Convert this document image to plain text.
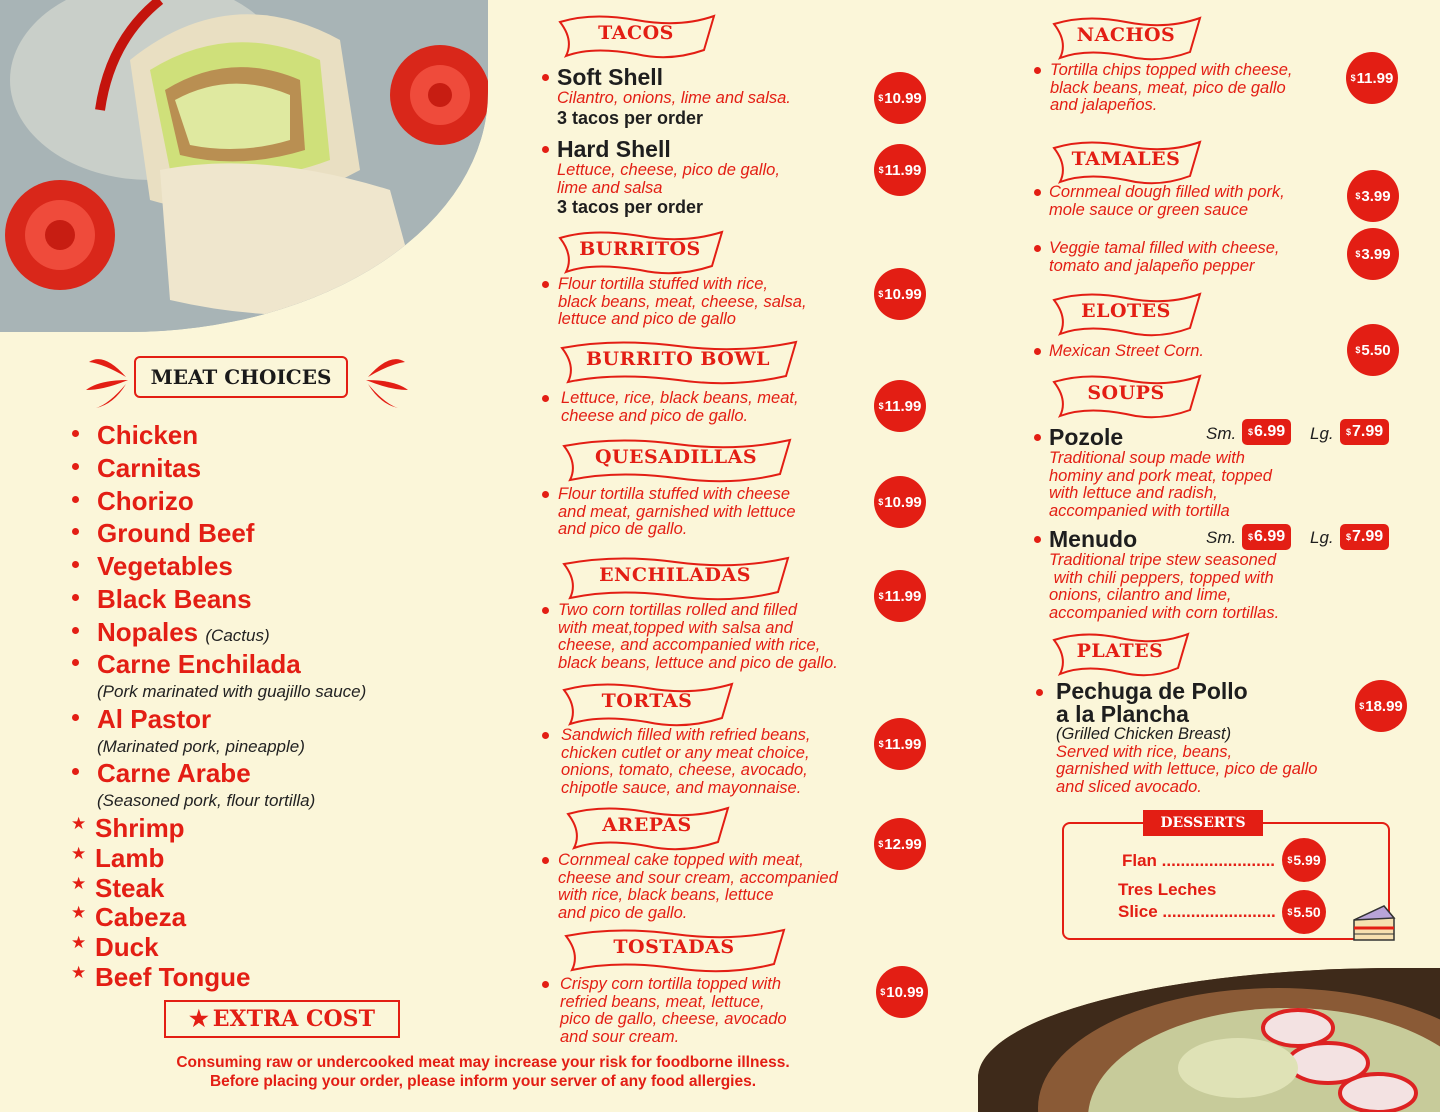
MEAT CHOICES
Chicken
Carnitas
Chorizo
Ground Beef
Vegetables
Black Beans
Nopales (Cactus)
Carne Enchilada
(Pork marinated with guajillo sauce)
Al Pastor
(Marinated pork, pineapple)
Carne Arabe
(Seasoned pork, flour tortilla)
★ Shrimp
★ Lamb
★ Steak
★ Cabeza
★ Duck
★ Beef Tongue
★ EXTRA COST
Consuming raw or undercooked meat may increase your risk for foodborne illness.
Before placing your order, please inform your server of any food allergies.
TACOS
BURRITOS
BURRITO BOWL
QUESADILLAS
ENCHILADAS
TORTAS
AREPAS
TOSTADAS
NACHOS
TAMALES
ELOTES
SOUPS
PLATES
Soft Shell
Cilantro, onions, lime and salsa.
3 tacos per order
$ 10.99
Hard Shell
Lettuce, cheese, pico de gallo,
lime and salsa
3 tacos per order
$ 11.99
Flour tortilla stuffed with rice,
black beans, meat, cheese, salsa,
lettuce and pico de gallo
$ 10.99
Lettuce, rice, black beans, meat,
cheese and pico de gallo.
$ 11.99
Flour tortilla stuffed with cheese
and meat, garnished with lettuce
and pico de gallo.
$ 10.99
Two corn tortillas rolled and filled
with meat,topped with salsa and
cheese, and accompanied with rice,
black beans, lettuce and pico de gallo.
$ 11.99
Sandwich filled with refried beans,
chicken cutlet or any meat choice,
onions, tomato, cheese, avocado,
chipotle sauce, and mayonnaise.
$ 11.99
Cornmeal cake topped with meat,
cheese and sour cream, accompanied
with rice, black beans, lettuce
and pico de gallo.
$ 12.99
Crispy corn tortilla topped with
refried beans, meat, lettuce,
pico de gallo, cheese, avocado
and sour cream.
$ 10.99
Tortilla chips topped with cheese,
black beans, meat, pico de gallo
and jalapeños.
$ 11.99
Cornmeal dough filled with pork,
mole sauce or green sauce
$ 3.99
Veggie tamal filled with cheese,
tomato and jalapeño pepper
$ 3.99
Mexican Street Corn.	$ 5.50
Pozole
Traditional soup made with
hominy and pork meat, topped
with lettuce and radish,
accompanied with tortilla
Sm. $ 6.99 Lg. $ 7.99
Menudo
Traditional tripe stew seasoned
with chili peppers, topped with
onions, cilantro and lime,
accompanied with corn tortillas.
Sm. $ 6.99 Lg. $ 7.99
Pechuga de Pollo
a la Plancha
(Grilled Chicken Breast)
Served with rice, beans,
garnished with lettuce, pico de gallo
and sliced avocado.
$ 18.99
DESSERTS
Flan ........................ $ 5.99
Tres Leches
Slice ........................ $ 5.50
